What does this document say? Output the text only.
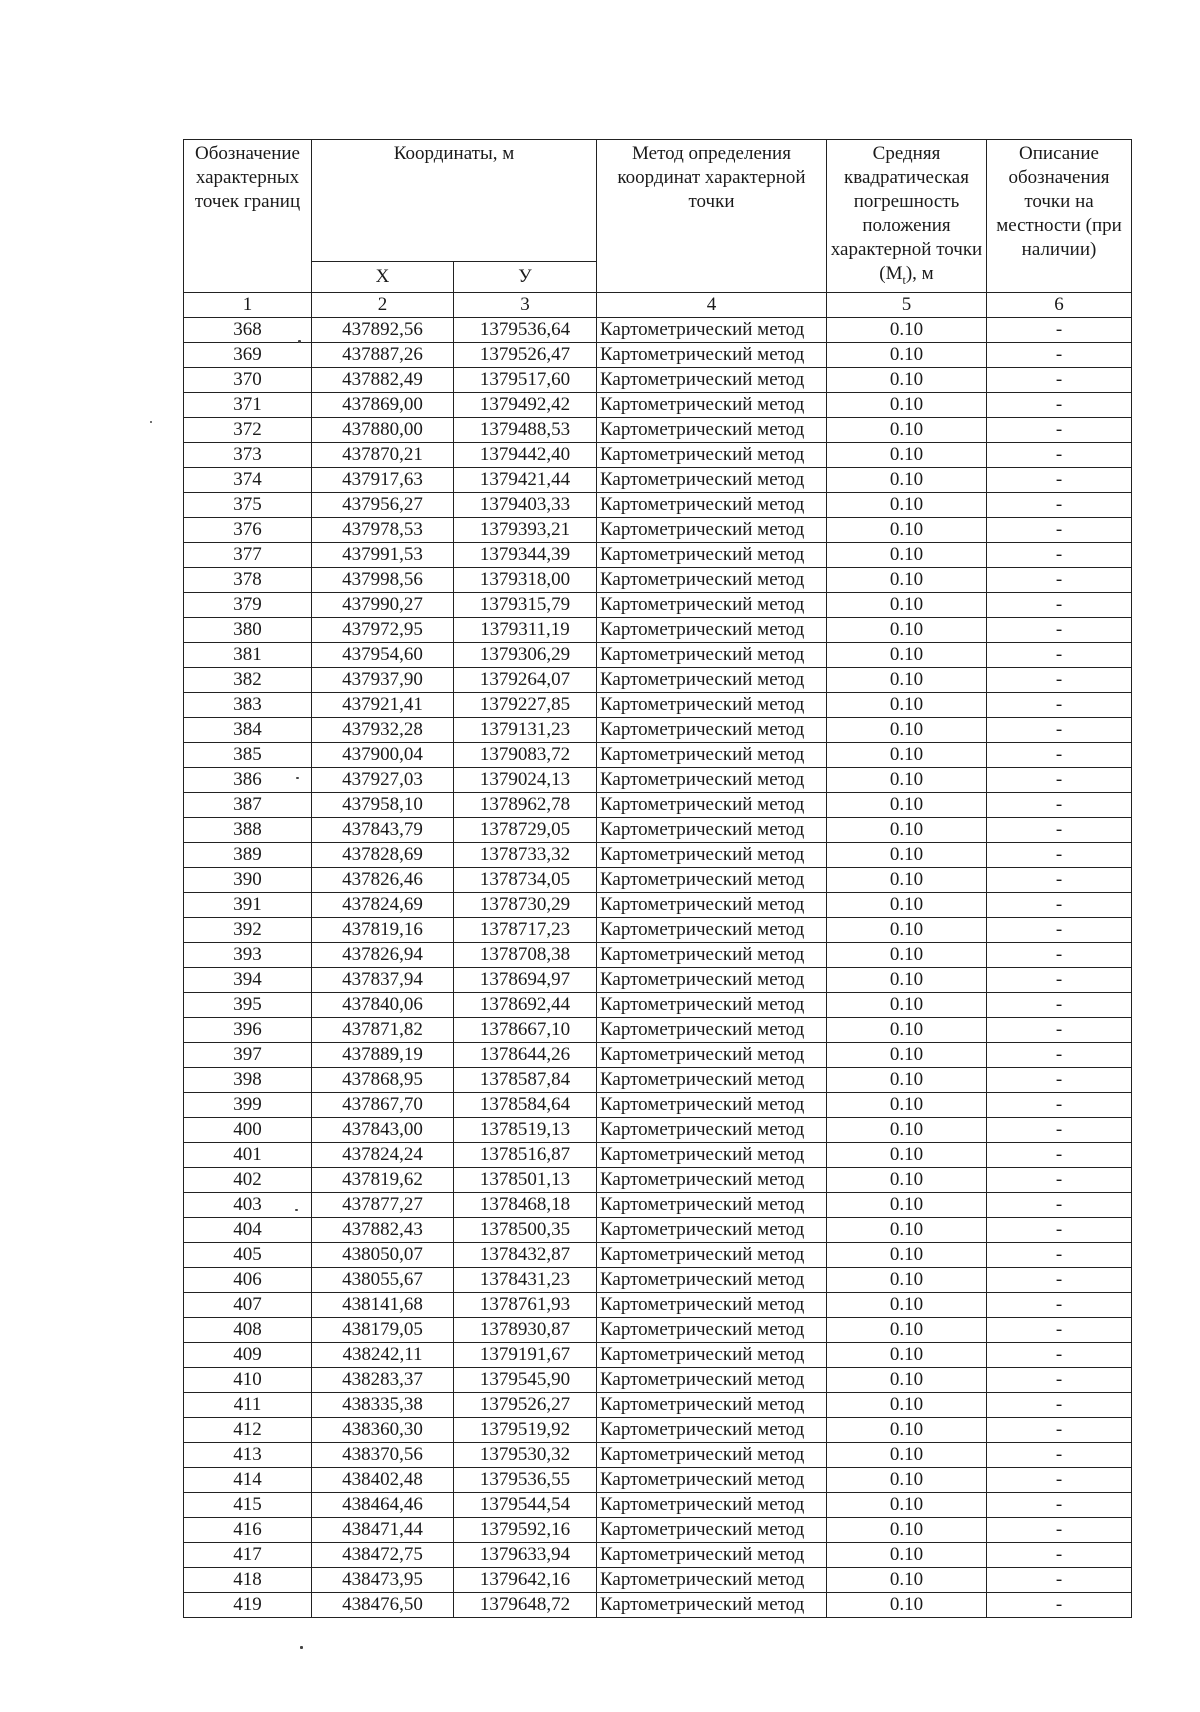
Обозначение характерных точек границ	Координаты, м		Метод определения координат характерной точки	Средняя квадратическая погрешность положения характерной точки $(М_t)$, м	Описание обозначения точки на местности (при наличии)
	X	У			
1	2	3	4	5	6
368	437892,56	1379536,64	Картометрический метод	0.10	-
369	437887,26	1379526,47	Картометрический метод	0.10	-
370	437882,49	1379517,60	Картометрический метод	0.10	-
371	437869,00	1379492,42	Картометрический метод	0.10	-
372	437880,00	1379488,53	Картометрический метод	0.10	-
373	437870,21	1379442,40	Картометрический метод	0.10	-
374	437917,63	1379421,44	Картометрический метод	0.10	-
375	437956,27	1379403,33	Картометрический метод	0.10	-
376	437978,53	1379393,21	Картометрический метод	0.10	-
377	437991,53	1379344,39	Картометрический метод	0.10	-
378	437998,56	1379318,00	Картометрический метод	0.10	-
379	437990,27	1379315,79	Картометрический метод	0.10	-
380	437972,95	1379311,19	Картометрический метод	0.10	-
381	437954,60	1379306,29	Картометрический метод	0.10	-
382	437937,90	1379264,07	Картометрический метод	0.10	-
383	437921,41	1379227,85	Картометрический метод	0.10	-
384	437932,28	1379131,23	Картометрический метод	0.10	-
385	437900,04	1379083,72	Картометрический метод	0.10	-
386	437927,03	1379024,13	Картометрический метод	0.10	-
387	437958,10	1378962,78	Картометрический метод	0.10	-
388	437843,79	1378729,05	Картометрический метод	0.10	-
389	437828,69	1378733,32	Картометрический метод	0.10	-
390	437826,46	1378734,05	Картометрический метод	0.10	-
391	437824,69	1378730,29	Картометрический метод	0.10	-
392	437819,16	1378717,23	Картометрический метод	0.10	-
393	437826,94	1378708,38	Картометрический метод	0.10	-
394	437837,94	1378694,97	Картометрический метод	0.10	-
395	437840,06	1378692,44	Картометрический метод	0.10	-
396	437871,82	1378667,10	Картометрический метод	0.10	-
397	437889,19	1378644,26	Картометрический метод	0.10	-
398	437868,95	1378587,84	Картометрический метод	0.10	-
399	437867,70	1378584,64	Картометрический метод	0.10	-
400	437843,00	1378519,13	Картометрический метод	0.10	-
401	437824,24	1378516,87	Картометрический метод	0.10	-
402	437819,62	1378501,13	Картометрический метод	0.10	-
403	437877,27	1378468,18	Картометрический метод	0.10	-
404	437882,43	1378500,35	Картометрический метод	0.10	-
405	438050,07	1378432,87	Картометрический метод	0.10	-
406	438055,67	1378431,23	Картометрический метод	0.10	-
407	438141,68	1378761,93	Картометрический метод	0.10	-
408	438179,05	1378930,87	Картометрический метод	0.10	-
409	438242,11	1379191,67	Картометрический метод	0.10	-
410	438283,37	1379545,90	Картометрический метод	0.10	-
411	438335,38	1379526,27	Картометрический метод	0.10	-
412	438360,30	1379519,92	Картометрический метод	0.10	-
413	438370,56	1379530,32	Картометрический метод	0.10	-
414	438402,48	1379536,55	Картометрический метод	0.10	-
415	438464,46	1379544,54	Картометрический метод	0.10	-
416	438471,44	1379592,16	Картометрический метод	0.10	-
417	438472,75	1379633,94	Картометрический метод	0.10	-
418	438473,95	1379642,16	Картометрический метод	0.10	-
419	438476,50	1379648,72	Картометрический метод	0.10	-
